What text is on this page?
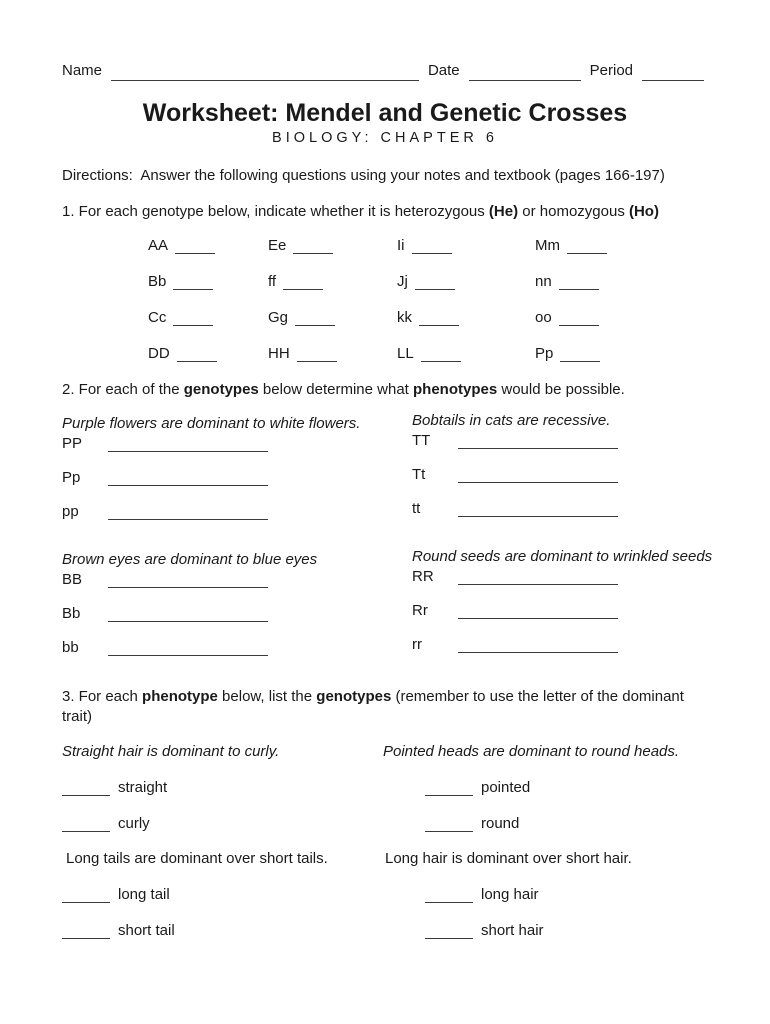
Name	Date	Period
Worksheet: Mendel and Genetic Crosses
BIOLOGY: CHAPTER 6
Directions:  Answer the following questions using your notes and textbook (pages 166-197)
1. For each genotype below, indicate whether it is heterozygous (He) or homozygous (Ho)
AA	Ee	Ii	Mm
Bb	ff	Jj	nn
Cc	Gg	kk	oo
DD	HH	LL	Pp
2. For each of the genotypes below determine what phenotypes would be possible.
Purple flowers are dominant to white flowers.
PP
Pp
pp
Bobtails in cats are recessive.
TT
Tt
tt
Brown eyes are dominant to blue eyes
BB
Bb
bb
Round seeds are dominant to wrinkled seeds
RR
Rr
rr
3. For each phenotype below, list the genotypes (remember to use the letter of the dominant trait)
Straight hair is dominant to curly.	Pointed heads are dominant to round heads.
straight	pointed
curly	round
Long tails are dominant over short tails.	Long hair is dominant over short hair.
long tail	long hair
short tail	short hair
